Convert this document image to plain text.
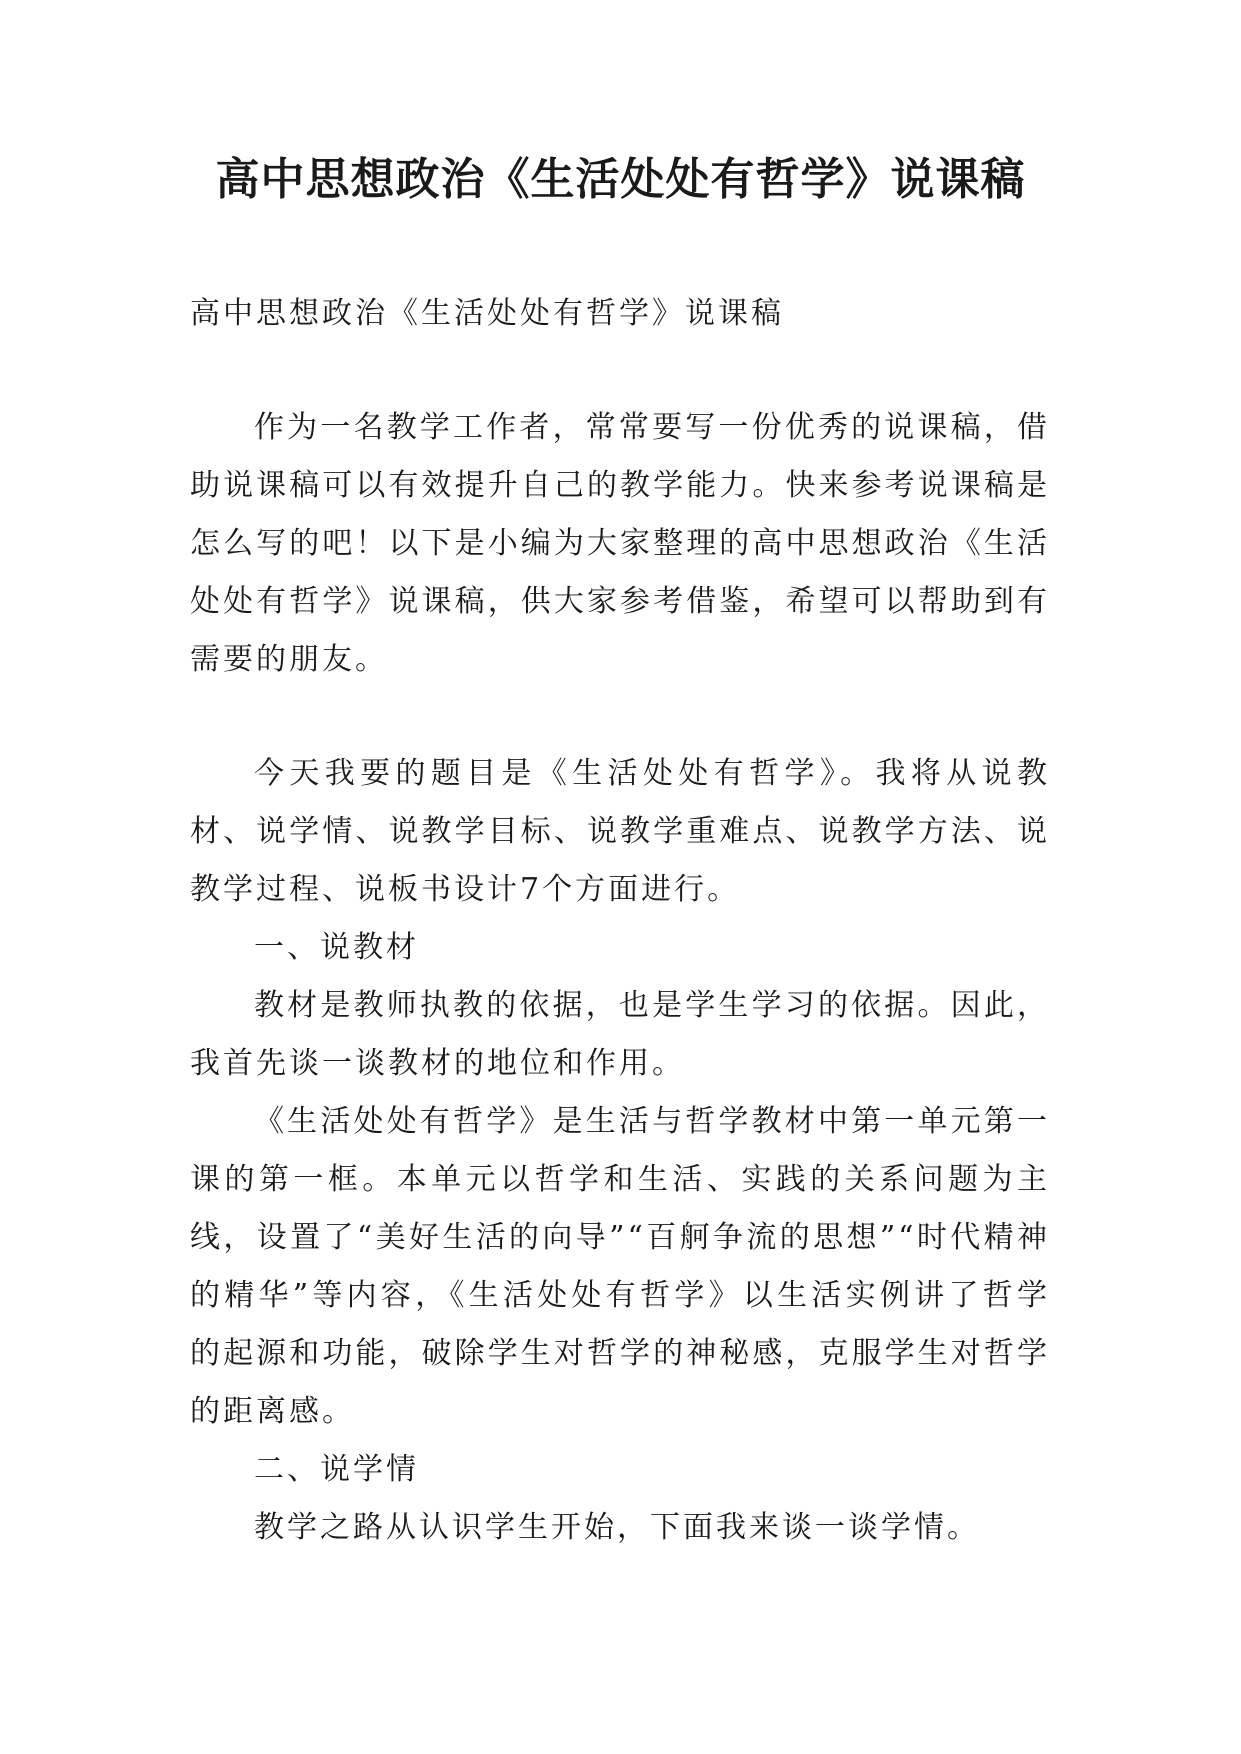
高中思想政治《生活处处有哲学》说课稿

高中思想政治《生活处处有哲学》说课稿

作为一名教学工作者，常常要写一份优秀的说课稿，借助说课稿可以有效提升自己的教学能力。快来参考说课稿是怎么写的吧！以下是小编为大家整理的高中思想政治《生活处处有哲学》说课稿，供大家参考借鉴，希望可以帮助到有需要的朋友。

今天我要的题目是《生活处处有哲学》。我将从说教材、说学情、说教学目标、说教学重难点、说教学方法、说教学过程、说板书设计7个方面进行。

一、说教材

教材是教师执教的依据，也是学生学习的依据。因此，我首先谈一谈教材的地位和作用。

《生活处处有哲学》是生活与哲学教材中第一单元第一课的第一框。本单元以哲学和生活、实践的关系问题为主线，设置了“美好生活的向导”“百舸争流的思想”“时代精神的精华”等内容，《生活处处有哲学》以生活实例讲了哲学的起源和功能，破除学生对哲学的神秘感，克服学生对哲学的距离感。

二、说学情

教学之路从认识学生开始，下面我来谈一谈学情。
